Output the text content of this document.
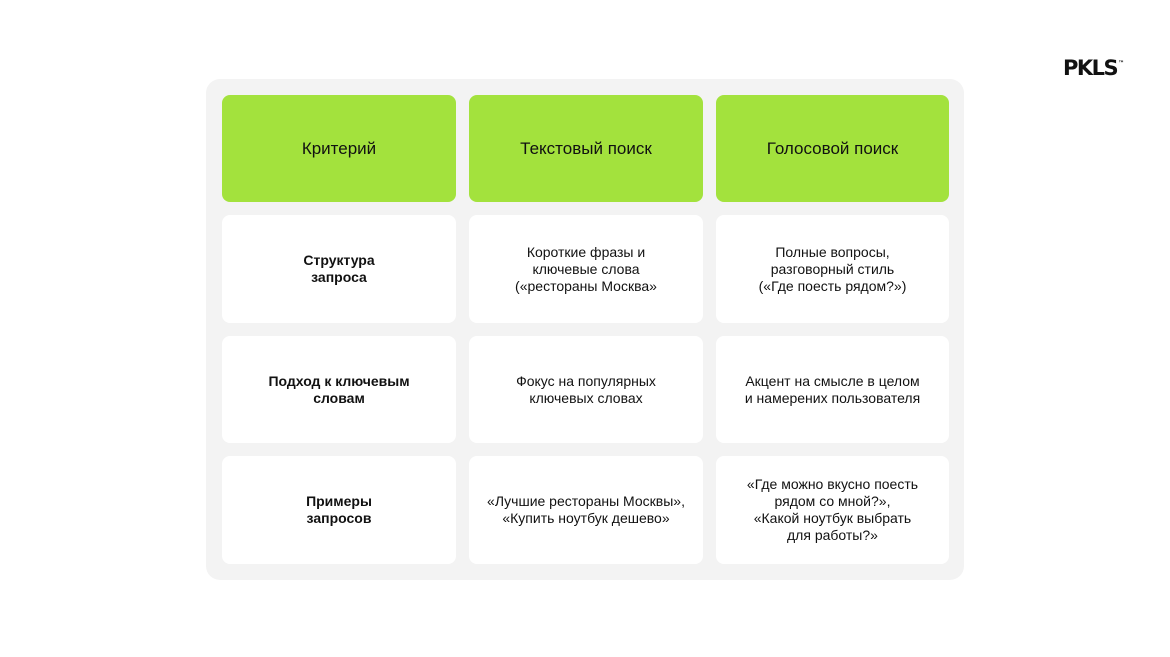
PKLS™
Критерий	Текстовый поиск	Голосовой поиск
Структура
запроса
Короткие фразы и
ключевые слова
(«рестораны Москва»
Полные вопросы,
разговорный стиль
(«Где поесть рядом?»)
Подход к ключевым
словам
Фокус на популярных
ключевых словах
Акцент на смысле в целом
и намерених пользователя
Примеры
запросов
«Лучшие рестораны Москвы»,
«Купить ноутбук дешево»
«Где можно вкусно поесть
рядом со мной?»,
«Какой ноутбук выбрать
для работы?»
